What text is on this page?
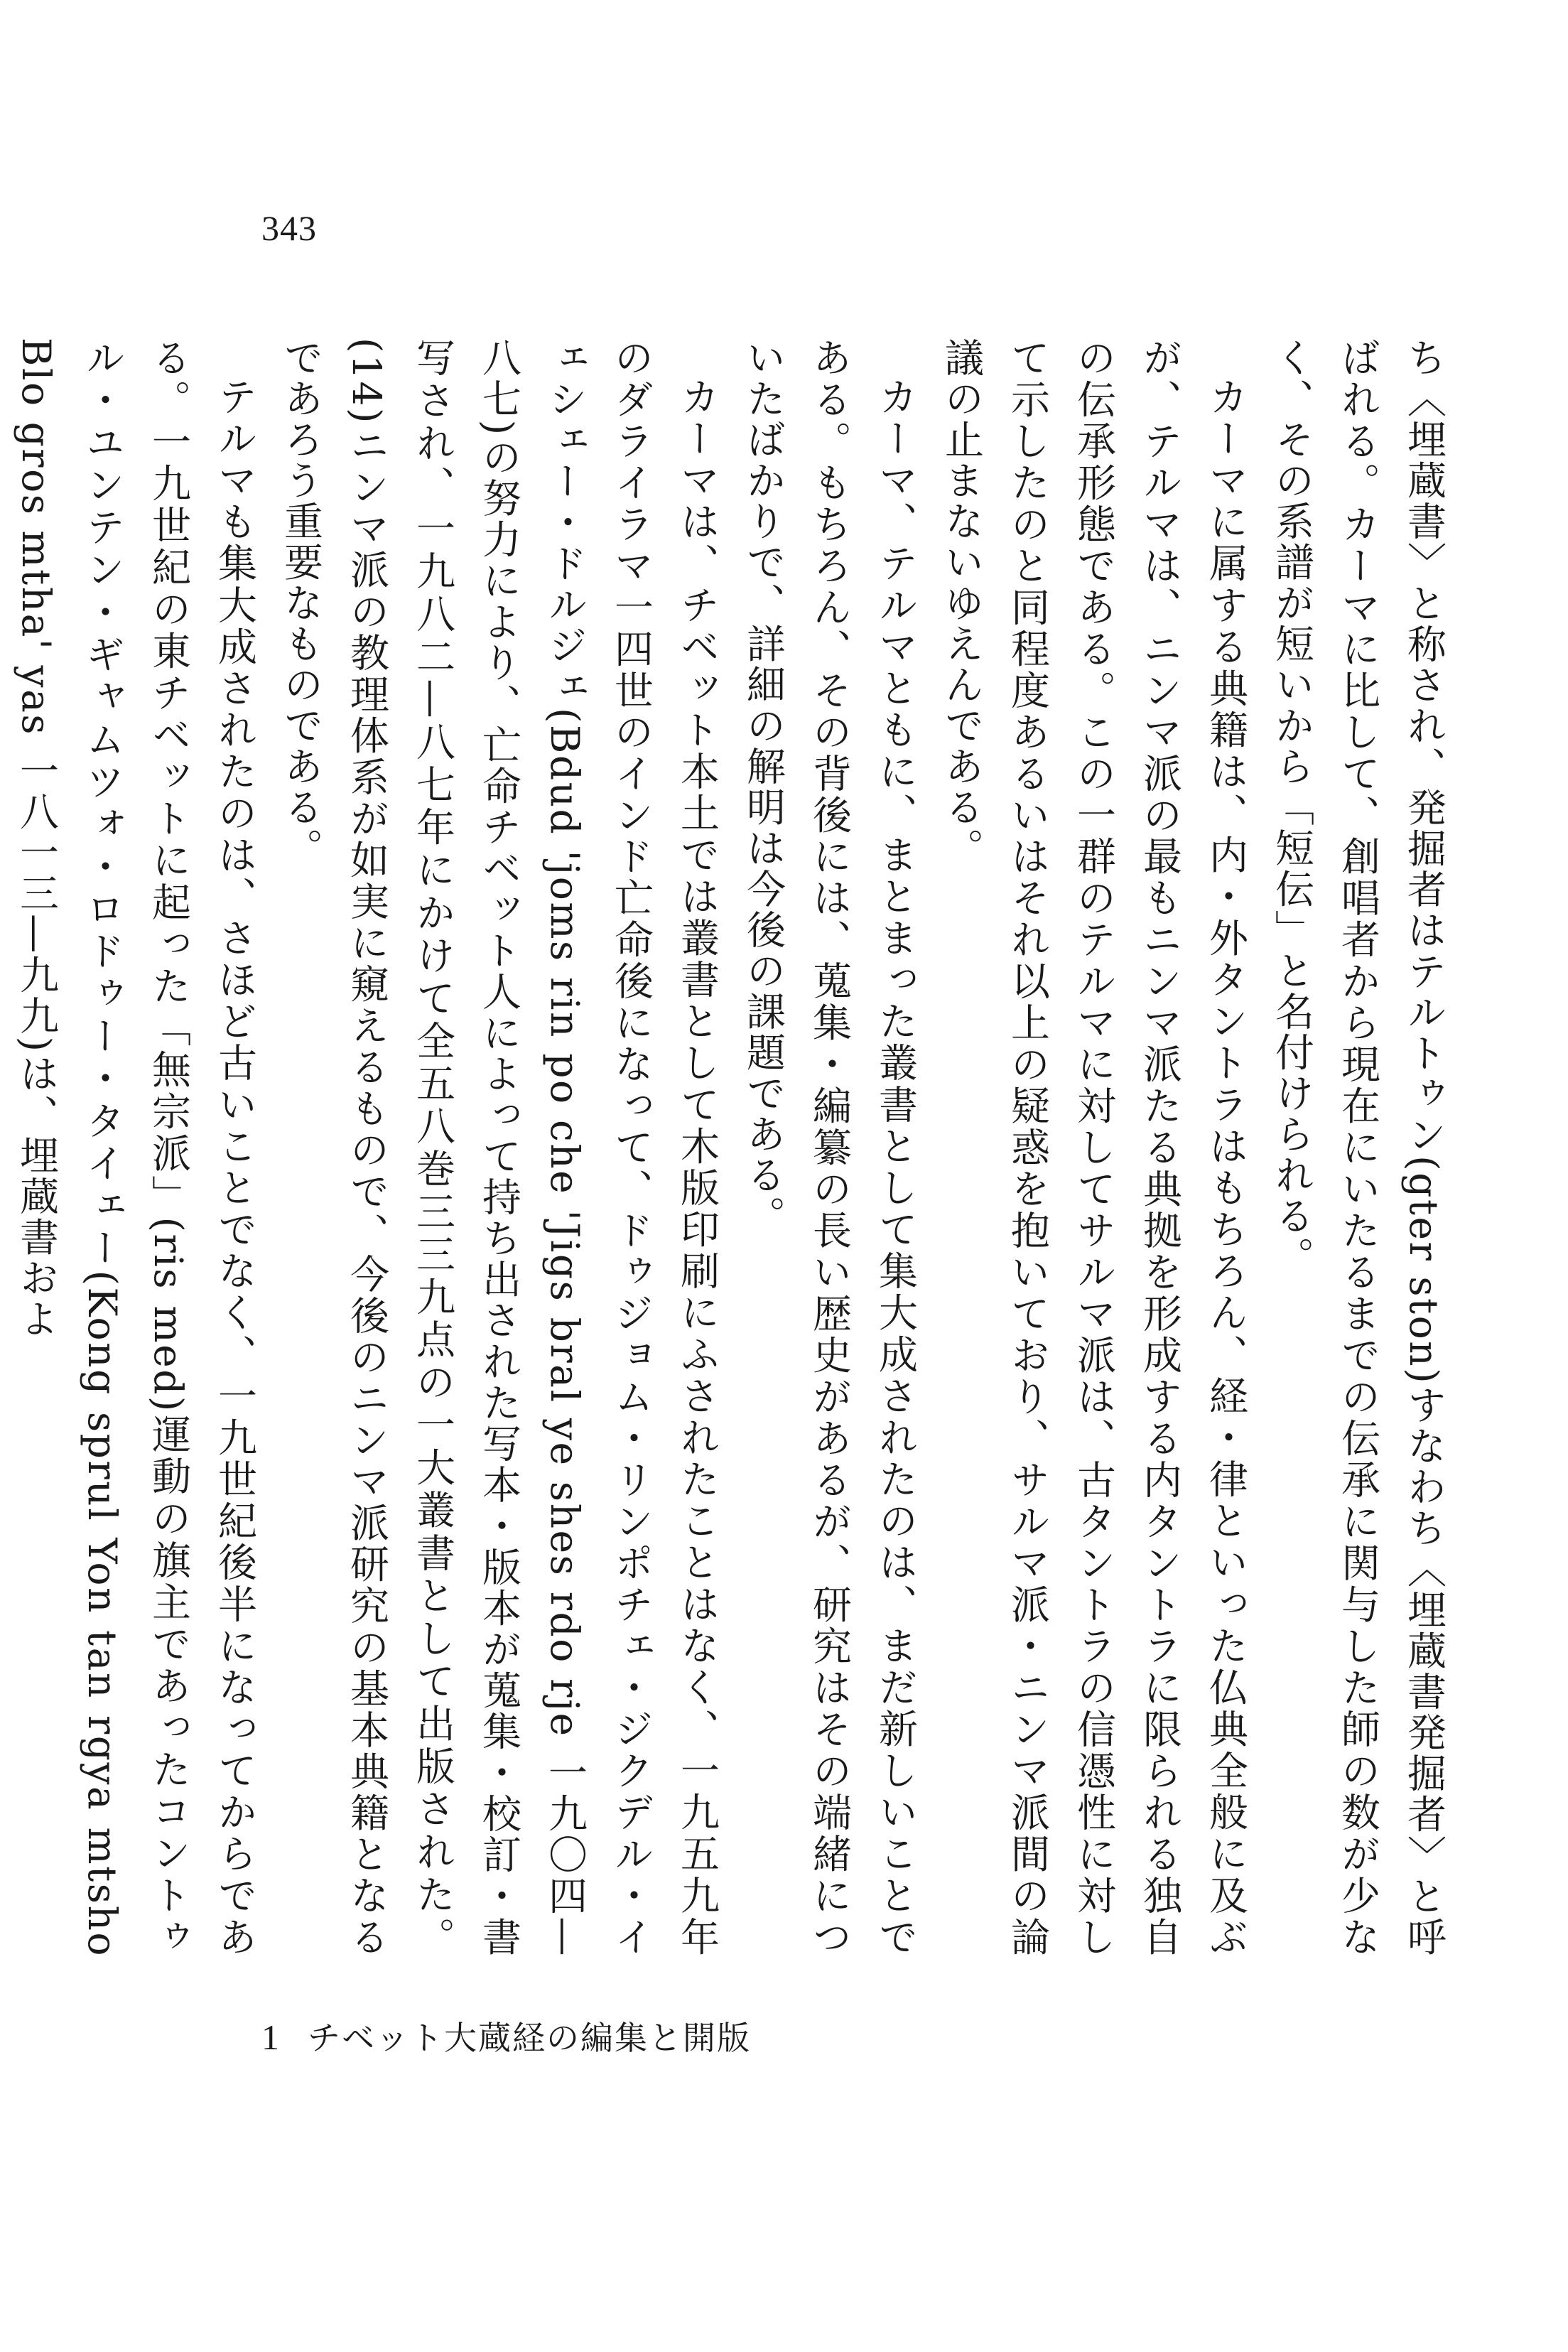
343

ち〈埋蔵書〉と称され、発掘者はテルトゥン(gter ston)すなわち〈埋蔵書発掘者〉と呼ばれる。カーマに比して、創唱者から現在にいたるまでの伝承に関与した師の数が少なく、その系譜が短いから「短伝」と名付けられる。

カーマに属する典籍は、内・外タントラはもちろん、経・律といった仏典全般に及ぶが、テルマは、ニンマ派の最もニンマ派たる典拠を形成する内タントラに限られる独自の伝承形態である。この一群のテルマに対してサルマ派は、古タントラの信憑性に対して示したのと同程度あるいはそれ以上の疑惑を抱いており、サルマ派・ニンマ派間の論議の止まないゆえんである。

カーマ、テルマともに、まとまった叢書として集大成されたのは、まだ新しいことである。もちろん、その背後には、蒐集・編纂の長い歴史があるが、研究はその端緒についたばかりで、詳細の解明は今後の課題である。

カーマは、チベット本土では叢書として木版印刷にふされたことはなく、一九五九年のダライラマ一四世のインド亡命後になって、ドゥジョム・リンポチェ・ジクデル・イェシェー・ドルジェ(Bdud 'joms rin po che 'Jigs bral ye shes rdo rje 一九〇四—八七)の努力により、亡命チベット人によって持ち出された写本・版本が蒐集・校訂・書写され、一九八二—八七年にかけて全五八巻三三九点の一大叢書として出版された。(14)ニンマ派の教理体系が如実に窺えるもので、今後のニンマ派研究の基本典籍となるであろう重要なものである。

テルマも集大成されたのは、さほど古いことでなく、一九世紀後半になってからである。一九世紀の東チベットに起った「無宗派」(ris med)運動の旗主であったコントゥル・ユンテン・ギャムツォ・ロドゥー・タイェー(Kong sprul Yon tan rgya mtsho Blo gros mtha' yas 一八一三—九九)は、埋蔵書およ

1 チベット大蔵経の編集と開版
